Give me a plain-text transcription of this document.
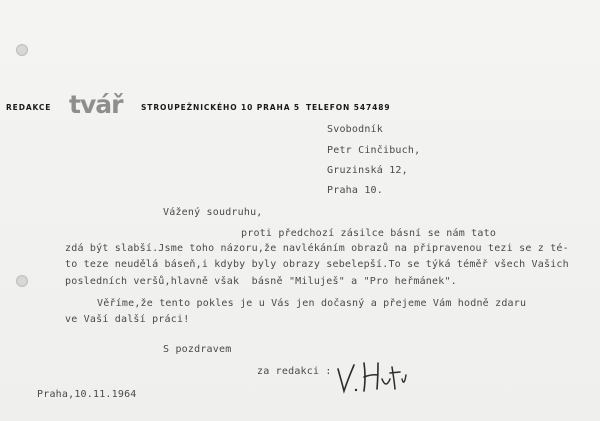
REDAKCE tvář STROUPEŽNICKÉHO 10 PRAHA 5 TELEFON 547489
Svobodník
Petr Cinčibuch,
Gruzinská 12,
Praha 10.
Vážený soudruhu,
proti předchozí zásilce básní se nám tato
zdá být slabší.Jsme toho názoru,že navlékáním obrazů na připravenou tezi se z té-
to teze neudělá báseň,i kdyby byly obrazy sebelepší.To se týká téměř všech Vašich
posledních veršů,hlavně však  básně "Miluješ" a "Pro heřmánek".
Věříme,že tento pokles je u Vás jen dočasný a přejeme Vám hodně zdaru
ve Vaší další práci!
S pozdravem
za redakci :
Praha,10.11.1964
